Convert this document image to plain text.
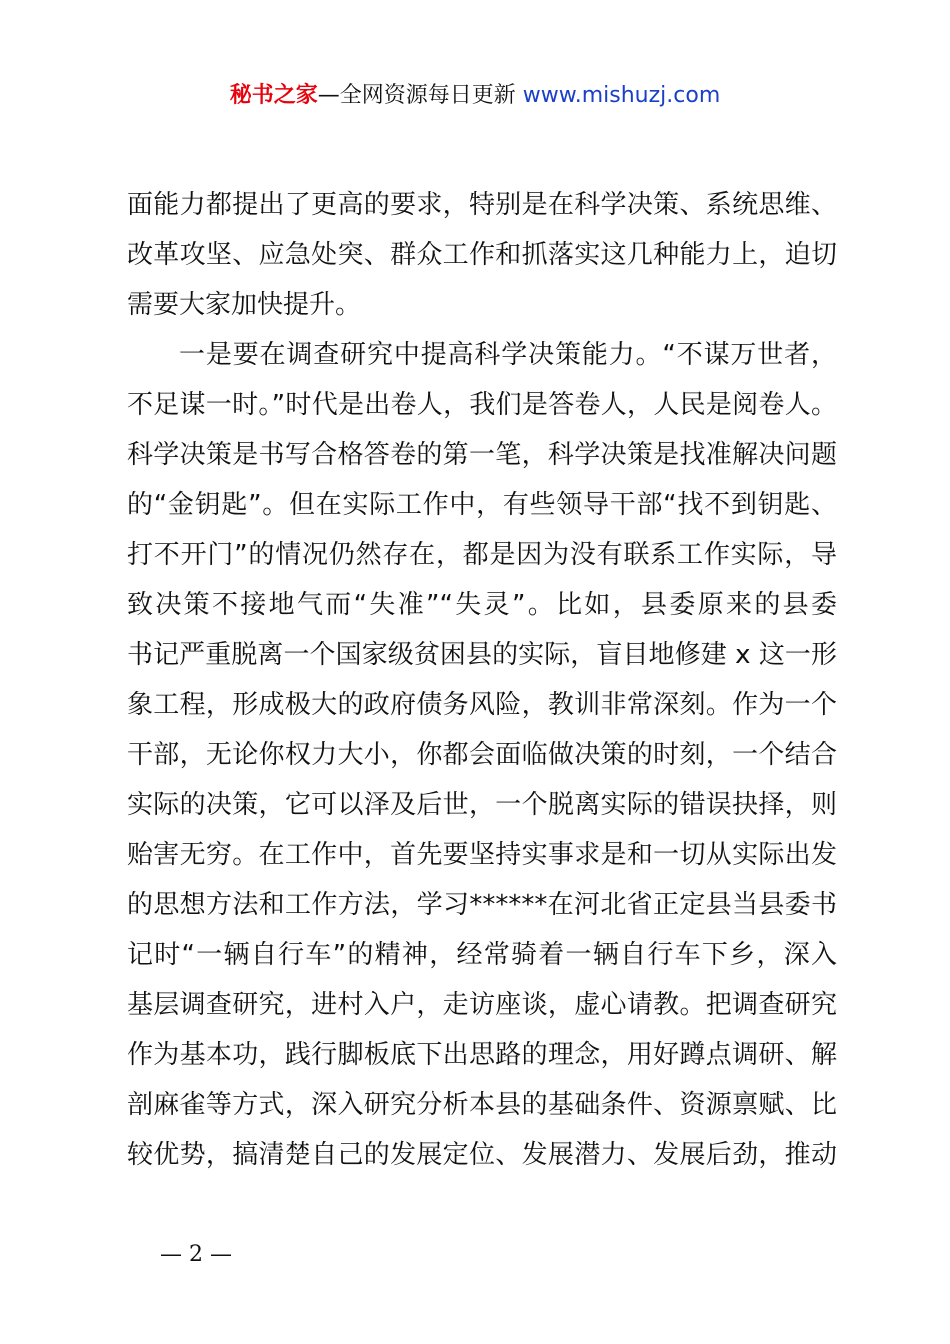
秘书之家—全网资源每日更新 www.mishuzj.com
面能力都提出了更高的要求，特别是在科学决策、系统思维、
改革攻坚、应急处突、群众工作和抓落实这几种能力上，迫切
需要大家加快提升。
一是要在调查研究中提高科学决策能力。“不谋万世者，
不足谋一时。”时代是出卷人，我们是答卷人，人民是阅卷人。
科学决策是书写合格答卷的第一笔，科学决策是找准解决问题
的“金钥匙”。但在实际工作中，有些领导干部“找不到钥匙、
打不开门”的情况仍然存在，都是因为没有联系工作实际，导
致决策不接地气而“失准”“失灵”。比如，县委原来的县委
书记严重脱离一个国家级贫困县的实际，盲目地修建 x 这一形
象工程，形成极大的政府债务风险，教训非常深刻。作为一个
干部，无论你权力大小，你都会面临做决策的时刻，一个结合
实际的决策，它可以泽及后世，一个脱离实际的错误抉择，则
贻害无穷。在工作中，首先要坚持实事求是和一切从实际出发
的思想方法和工作方法，学习******在河北省正定县当县委书
记时“一辆自行车”的精神，经常骑着一辆自行车下乡，深入
基层调查研究，进村入户，走访座谈，虚心请教。把调查研究
作为基本功，践行脚板底下出思路的理念，用好蹲点调研、解
剖麻雀等方式，深入研究分析本县的基础条件、资源禀赋、比
较优势，搞清楚自己的发展定位、发展潜力、发展后劲，推动
— 2 —
